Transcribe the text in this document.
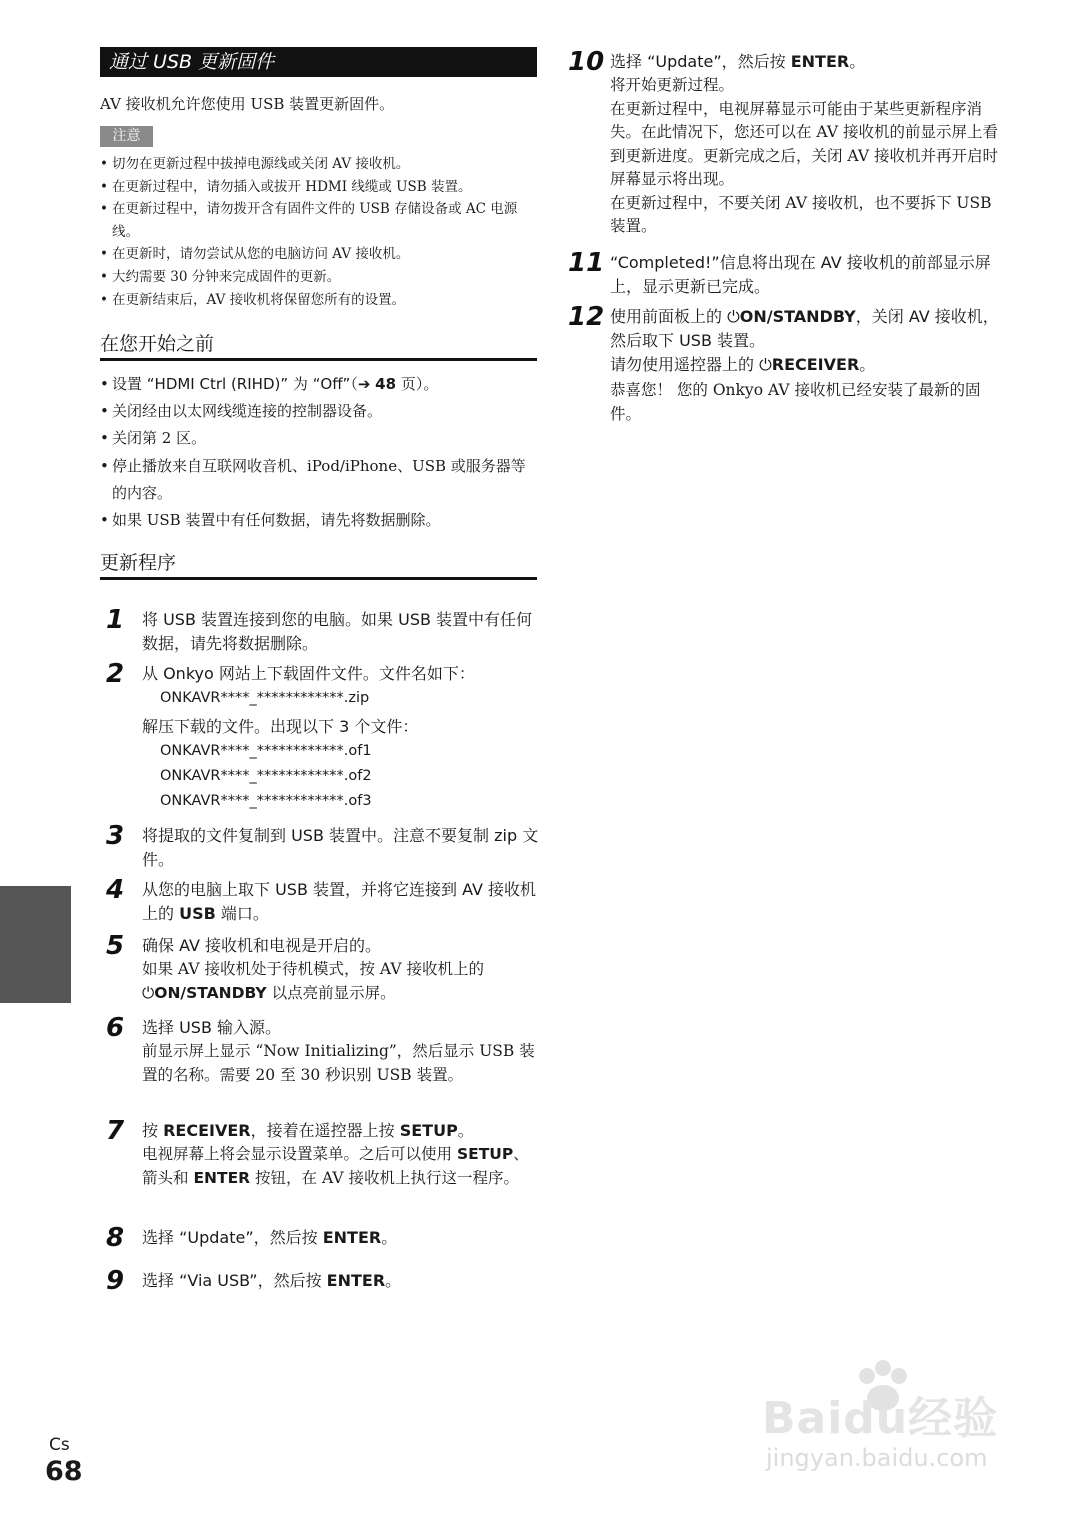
通过 USB 更新固件
AV 接收机允许您使用 USB 装置更新固件。
注意
• 切勿在更新过程中拔掉电源线或关闭 AV 接收机。
• 在更新过程中，请勿插入或拔开 HDMI 线缆或 USB 装置。
• 在更新过程中，请勿拨开含有固件文件的 USB 存储设备或 AC 电源线。
• 在更新时，请勿尝试从您的电脑访问 AV 接收机。
• 大约需要 30 分钟来完成固件的更新。
• 在更新结束后，AV 接收机将保留您所有的设置。
在您开始之前
• 设置 “HDMI Ctrl (RIHD)” 为 “Off”（➔ 48 页）。
• 关闭经由以太网线缆连接的控制器设备。
• 关闭第 2 区。
• 停止播放来自互联网收音机、iPod/iPhone、USB 或服务器等的内容。
• 如果 USB 装置中有任何数据，请先将数据删除。
更新程序
1 将 USB 装置连接到您的电脑。如果 USB 装置中有任何数据，请先将数据删除。
2 从 Onkyo 网站上下载固件文件。文件名如下：
ONKAVR****_************.zip
解压下载的文件。出现以下 3 个文件：
ONKAVR****_************.of1
ONKAVR****_************.of2
ONKAVR****_************.of3
3 将提取的文件复制到 USB 装置中。注意不要复制 zip 文件。
4 从您的电脑上取下 USB 装置，并将它连接到 AV 接收机上的 USB 端口。
5 确保 AV 接收机和电视是开启的。
如果 AV 接收机处于待机模式，按 AV 接收机上的 ⏻ON/STANDBY 以点亮前显示屏。
6 选择 USB 输入源。
前显示屏上显示 “Now Initializing”，然后显示 USB 装置的名称。需要 20 至 30 秒识别 USB 装置。
7 按 RECEIVER，接着在遥控器上按 SETUP。
电视屏幕上将会显示设置菜单。之后可以使用 SETUP、箭头和 ENTER 按钮，在 AV 接收机上执行这一程序。
8 选择 “Update”，然后按 ENTER。
9 选择 “Via USB”，然后按 ENTER。
10 选择 “Update”，然后按 ENTER。
将开始更新过程。
在更新过程中，电视屏幕显示可能由于某些更新程序消失。在此情况下，您还可以在 AV 接收机的前显示屏上看到更新进度。更新完成之后，关闭 AV 接收机并再开启时屏幕显示将出现。
在更新过程中，不要关闭 AV 接收机，也不要拆下 USB 装置。
11 “Completed!”信息将出现在 AV 接收机的前部显示屏上，显示更新已完成。
12 使用前面板上的 ⏻ON/STANDBY，关闭 AV 接收机，然后取下 USB 装置。
请勿使用遥控器上的 ⏻RECEIVER。
恭喜您！ 您的 Onkyo AV 接收机已经安装了最新的固件。
Cs
68
Baidu经验
jingyan.baidu.com
